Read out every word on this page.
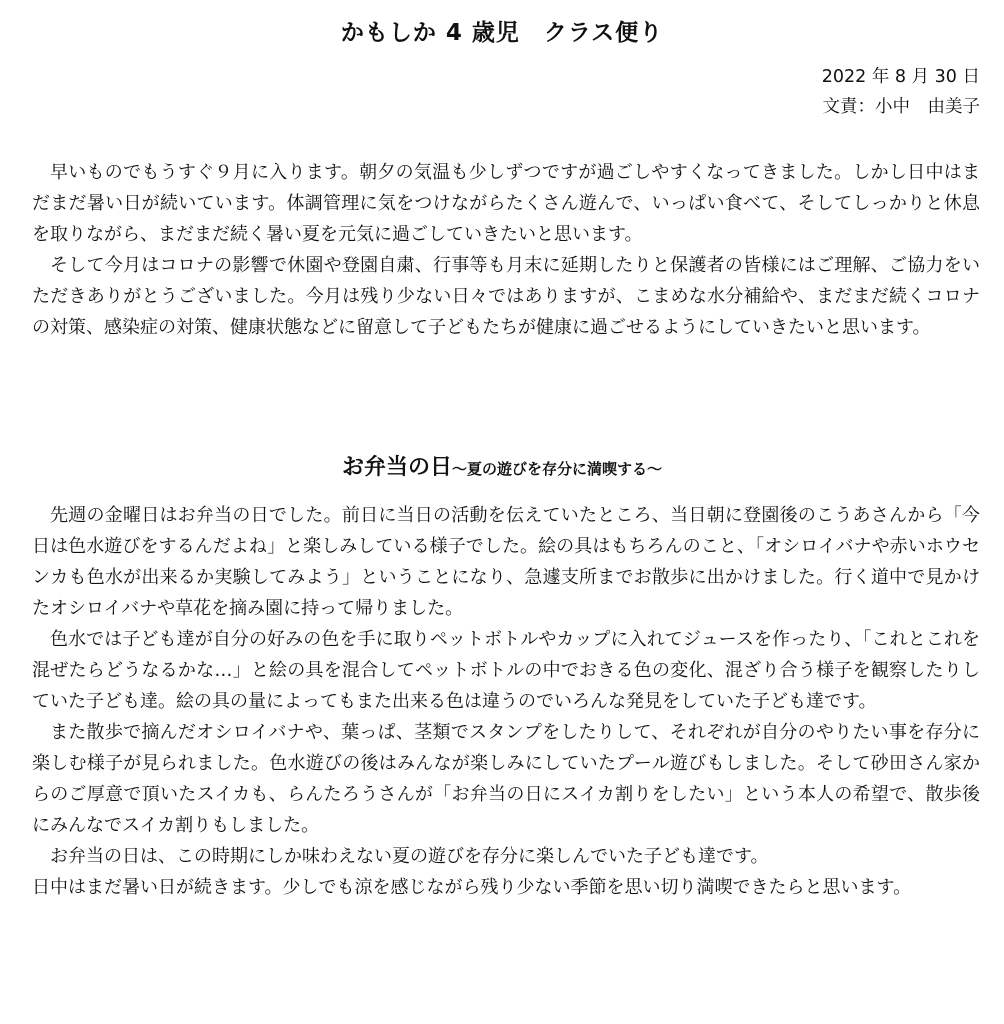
かもしか 4 歳児　クラス便り
2022 年 8 月 30 日
文責：小中　由美子

早いものでもうすぐ９月に入ります。朝夕の気温も少しずつですが過ごしやすくなってきました。しかし日中はまだまだ暑い日が続いています。体調管理に気をつけながらたくさん遊んで、いっぱい食べて、そしてしっかりと休息を取りながら、まだまだ続く暑い夏を元気に過ごしていきたいと思います。

そして今月はコロナの影響で休園や登園自粛、行事等も月末に延期したりと保護者の皆様にはご理解、ご協力をいただきありがとうございました。今月は残り少ない日々ではありますが、こまめな水分補給や、まだまだ続くコロナの対策、感染症の対策、健康状態などに留意して子どもたちが健康に過ごせるようにしていきたいと思います。

お弁当の日～夏の遊びを存分に満喫する～

先週の金曜日はお弁当の日でした。前日に当日の活動を伝えていたところ、当日朝に登園後のこうあさんから「今日は色水遊びをするんだよね」と楽しみしている様子でした。絵の具はもちろんのこと、「オシロイバナや赤いホウセンカも色水が出来るか実験してみよう」ということになり、急遽支所までお散歩に出かけました。行く道中で見かけたオシロイバナや草花を摘み園に持って帰りました。

色水では子ども達が自分の好みの色を手に取りペットボトルやカップに入れてジュースを作ったり、「これとこれを混ぜたらどうなるかな…」と絵の具を混合してペットボトルの中でおきる色の変化、混ざり合う様子を観察したりしていた子ども達。絵の具の量によってもまた出来る色は違うのでいろんな発見をしていた子ども達です。

また散歩で摘んだオシロイバナや、葉っぱ、茎類でスタンプをしたりして、それぞれが自分のやりたい事を存分に楽しむ様子が見られました。色水遊びの後はみんなが楽しみにしていたプール遊びもしました。そして砂田さん家からのご厚意で頂いたスイカも、らんたろうさんが「お弁当の日にスイカ割りをしたい」という本人の希望で、散歩後にみんなでスイカ割りもしました。

お弁当の日は、この時期にしか味わえない夏の遊びを存分に楽しんでいた子ども達です。

日中はまだ暑い日が続きます。少しでも涼を感じながら残り少ない季節を思い切り満喫できたらと思います。
